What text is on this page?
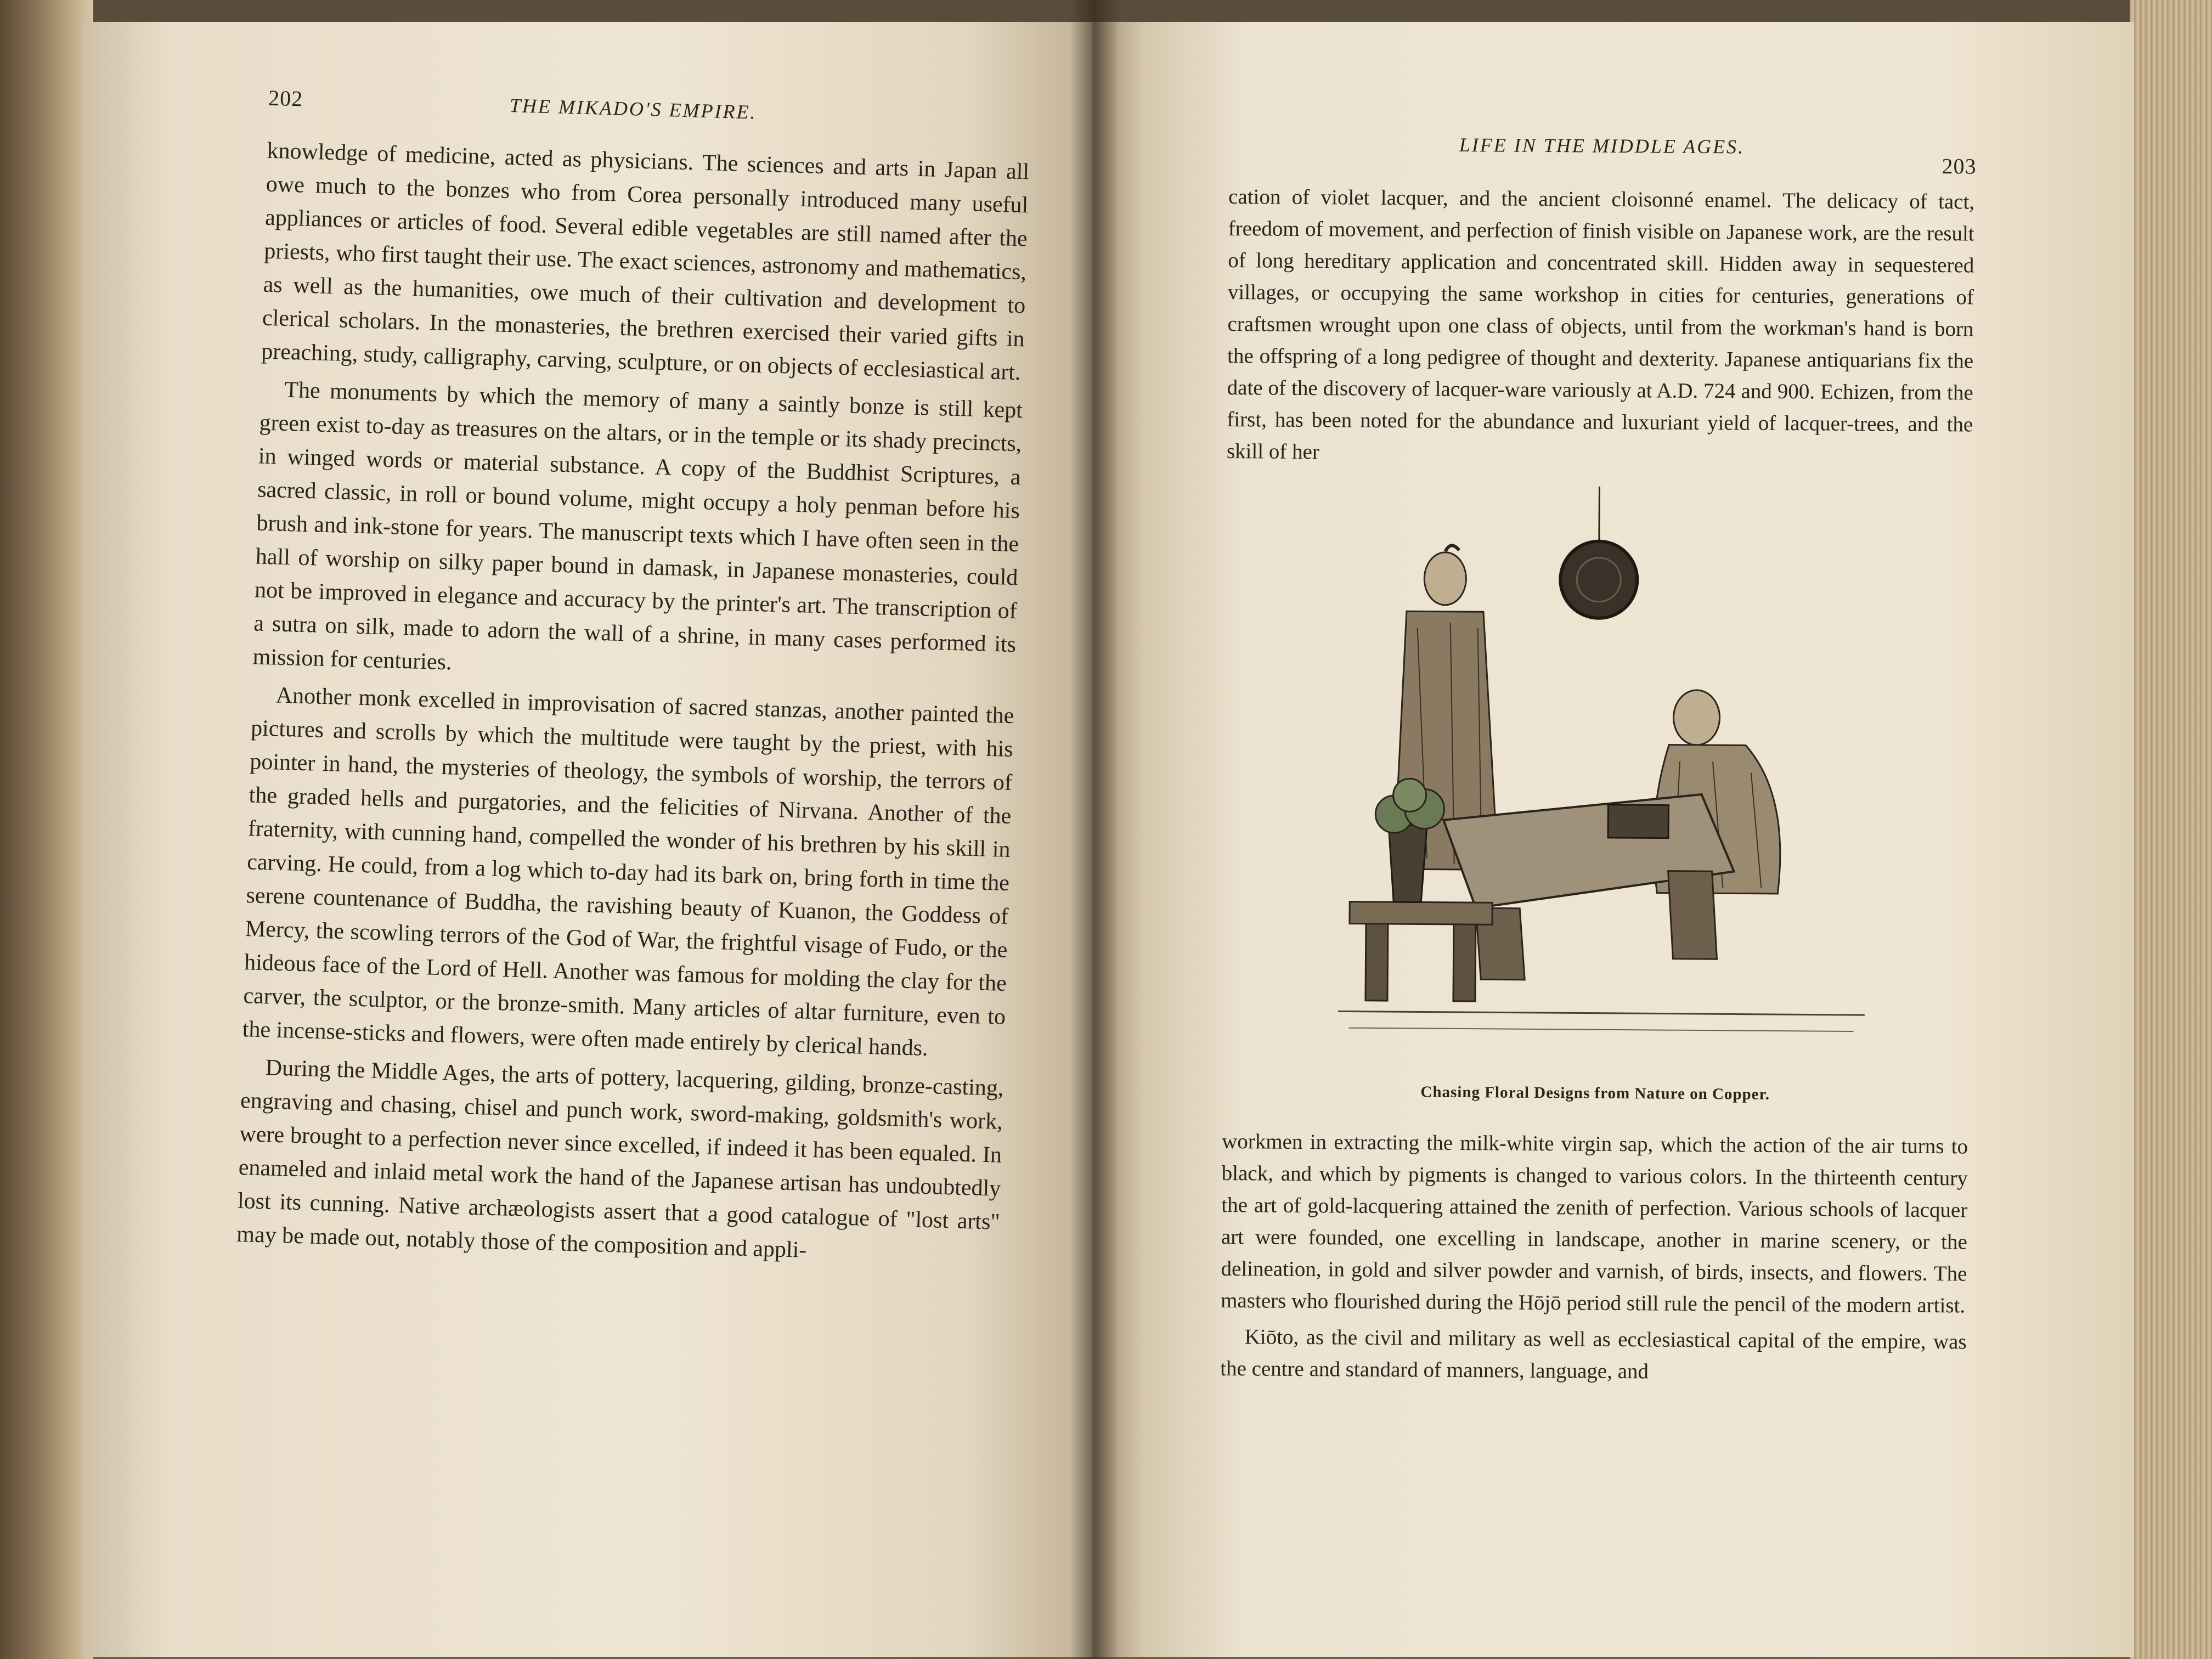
202	THE MIKADO'S EMPIRE.

knowledge of medicine, acted as physicians. The sciences and arts in Japan all owe much to the bonzes who from Corea personally introduced many useful appliances or articles of food. Several edible vegetables are still named after the priests, who first taught their use. The exact sciences, astronomy and mathematics, as well as the humanities, owe much of their cultivation and development to clerical scholars. In the monasteries, the brethren exercised their varied gifts in preaching, study, calligraphy, carving, sculpture, or on objects of ecclesiastical art.

The monuments by which the memory of many a saintly bonze is still kept green exist to-day as treasures on the altars, or in the temple or its shady precincts, in winged words or material substance. A copy of the Buddhist Scriptures, a sacred classic, in roll or bound volume, might occupy a holy penman before his brush and ink-stone for years. The manuscript texts which I have often seen in the hall of worship on silky paper bound in damask, in Japanese monasteries, could not be improved in elegance and accuracy by the printer's art. The transcription of a sutra on silk, made to adorn the wall of a shrine, in many cases performed its mission for centuries.

Another monk excelled in improvisation of sacred stanzas, another painted the pictures and scrolls by which the multitude were taught by the priest, with his pointer in hand, the mysteries of theology, the symbols of worship, the terrors of the graded hells and purgatories, and the felicities of Nirvana. Another of the fraternity, with cunning hand, compelled the wonder of his brethren by his skill in carving. He could, from a log which to-day had its bark on, bring forth in time the serene countenance of Buddha, the ravishing beauty of Kuanon, the Goddess of Mercy, the scowling terrors of the God of War, the frightful visage of Fudo, or the hideous face of the Lord of Hell. Another was famous for molding the clay for the carver, the sculptor, or the bronze-smith. Many articles of altar furniture, even to the incense-sticks and flowers, were often made entirely by clerical hands.

During the Middle Ages, the arts of pottery, lacquering, gilding, bronze-casting, engraving and chasing, chisel and punch work, sword-making, goldsmith's work, were brought to a perfection never since excelled, if indeed it has been equaled. In enameled and inlaid metal work the hand of the Japanese artisan has undoubtedly lost its cunning. Native archæologists assert that a good catalogue of "lost arts" may be made out, notably those of the composition and appli-

LIFE IN THE MIDDLE AGES.
203

cation of violet lacquer, and the ancient cloisonné enamel. The delicacy of tact, freedom of movement, and perfection of finish visible on Japanese work, are the result of long hereditary application and concentrated skill. Hidden away in sequestered villages, or occupying the same workshop in cities for centuries, generations of craftsmen wrought upon one class of objects, until from the workman's hand is born the offspring of a long pedigree of thought and dexterity. Japanese antiquarians fix the date of the discovery of lacquer-ware variously at A.D. 724 and 900. Echizen, from the first, has been noted for the abundance and luxuriant yield of lacquer-trees, and the skill of her

Chasing Floral Designs from Nature on Copper.

workmen in extracting the milk-white virgin sap, which the action of the air turns to black, and which by pigments is changed to various colors. In the thirteenth century the art of gold-lacquering attained the zenith of perfection. Various schools of lacquer art were founded, one excelling in landscape, another in marine scenery, or the delineation, in gold and silver powder and varnish, of birds, insects, and flowers. The masters who flourished during the Hōjō period still rule the pencil of the modern artist.

Kiōto, as the civil and military as well as ecclesiastical capital of the empire, was the centre and standard of manners, language, and
